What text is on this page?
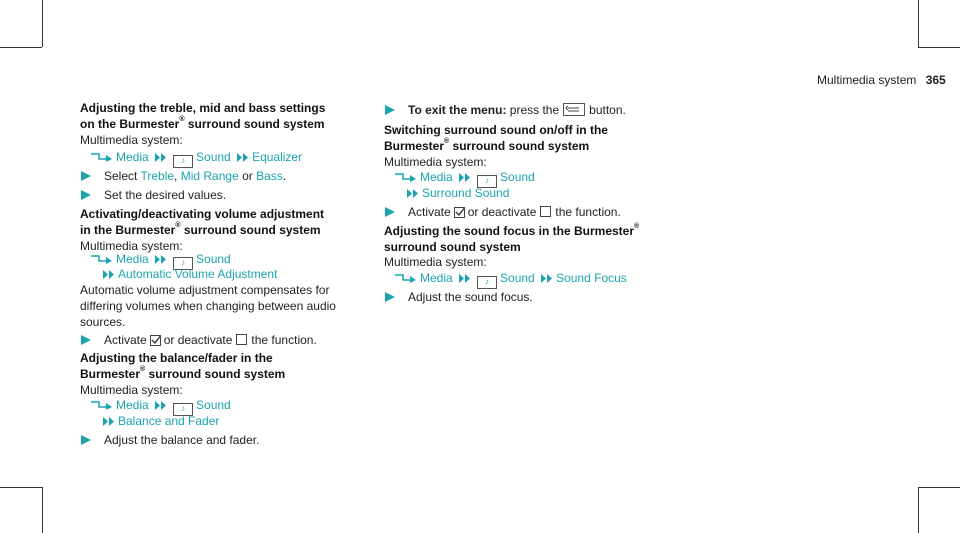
Multimedia system 365
Adjusting the treble, mid and bass settings
on the Burmester® surround sound system
Multimedia system:
Media	♪ Sound Equalizer
Select Treble, Mid Range or Bass.
Set the desired values.
Activating/deactivating volume adjustment
in the Burmester® surround sound system
Multimedia system:
Media	♪ Sound
Automatic Volume Adjustment
Automatic volume adjustment compensates for
differing volumes when changing between audio
sources.
Activate or deactivate the function.
Adjusting the balance/fader in the
Burmester® surround sound system
Multimedia system:
Media	♪ Sound
Balance and Fader
Adjust the balance and fader.
To exit the menu: press the	button.
Switching surround sound on/off in the
Burmester® surround sound system
Multimedia system:
Media	♪ Sound
Surround Sound
Activate or deactivate the function.
Adjusting the sound focus in the Burmester®
surround sound system
Multimedia system:
Media	♪ Sound Sound Focus
Adjust the sound focus.
